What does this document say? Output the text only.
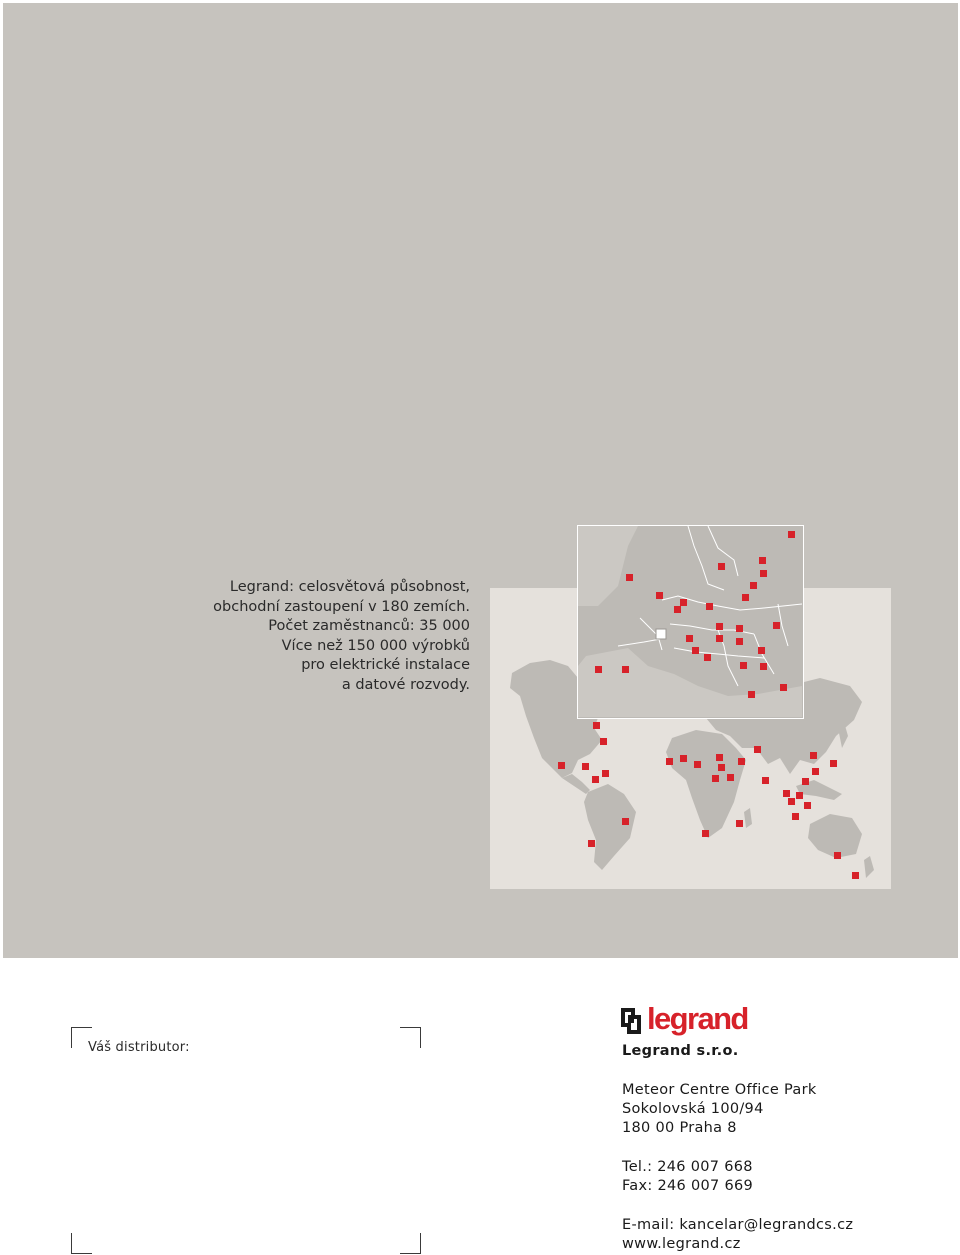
Legrand: celosvětová působnost,
obchodní zastoupení v 180 zemích.
Počet zaměstnanců: 35 000
Více než 150 000 výrobků
pro elektrické instalace
a datové rozvody.

Váš distributor:
legrand
Legrand s.r.o.
Meteor Centre Office Park
Sokolovská 100/94
180 00 Praha 8
Tel.: 246 007 668
Fax: 246 007 669
E-mail: kancelar@legrandcs.cz
www.legrand.cz
